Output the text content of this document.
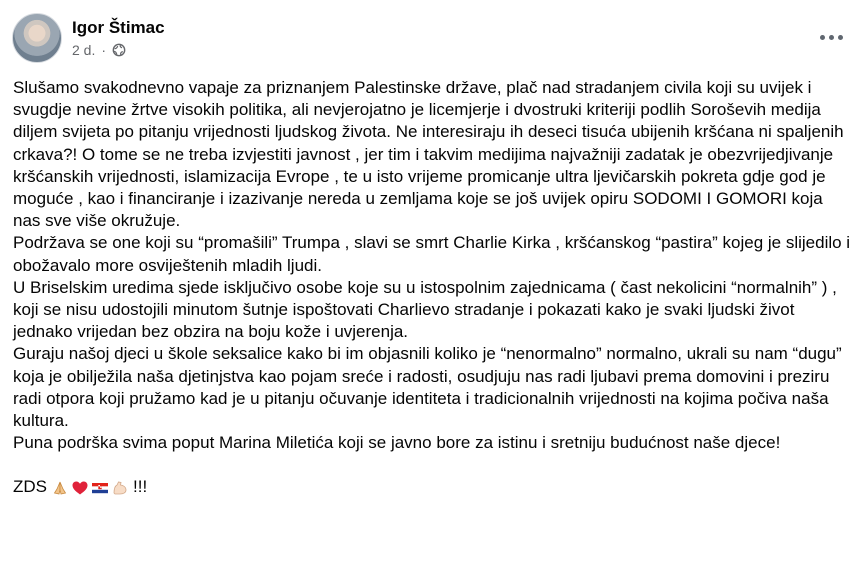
Igor Štimac
2 d. ·

Slušamo svakodnevno vapaje za priznanjem Palestinske države, plač nad stradanjem civila koji su uvijek i svugdje nevine žrtve visokih politika, ali nevjerojatno je licemjerje i dvostruki kriteriji podlih Soroševih medija diljem svijeta po pitanju vrijednosti ljudskog života. Ne interesiraju ih deseci tisuća ubijenih kršćana ni spaljenih crkava?! O tome se ne treba izvjestiti javnost , jer tim i takvim medijima najvažniji zadatak je obezvrijedjivanje kršćanskih vrijednosti, islamizacija Evrope , te u isto vrijeme promicanje ultra ljevičarskih pokreta gdje god je moguće , kao i financiranje i izazivanje nereda u zemljama koje se još uvijek opiru SODOMI I GOMORI koja nas sve više okružuje.

Podržava se one koji su “promašili” Trumpa , slavi se smrt Charlie Kirka , kršćanskog “pastira” kojeg je slijedilo i obožavalo more osviještenih mladih ljudi.

U Briselskim uredima sjede isključivo osobe koje su u istospolnim zajednicama ( čast nekolicini “normalnih” ) , koji se nisu udostojili minutom šutnje ispoštovati Charlievo stradanje i pokazati kako je svaki ljudski život jednako vrijedan bez obzira na boju kože i uvjerenja.

Guraju našoj djeci u škole seksalice kako bi im objasnili koliko je “nenormalno” normalno, ukrali su nam “dugu” koja je obilježila naša djetinjstva kao pojam sreće i radosti, osudjuju nas radi ljubavi prema domovini i preziru radi otpora koji pružamo kad je u pitanju očuvanje identiteta i tradicionalnih vrijednosti na kojima počiva naša kultura.

Puna podrška svima poput Marina Miletića koji se javno bore za istinu i sretniju budućnost naše djece!

ZDS	!!!
